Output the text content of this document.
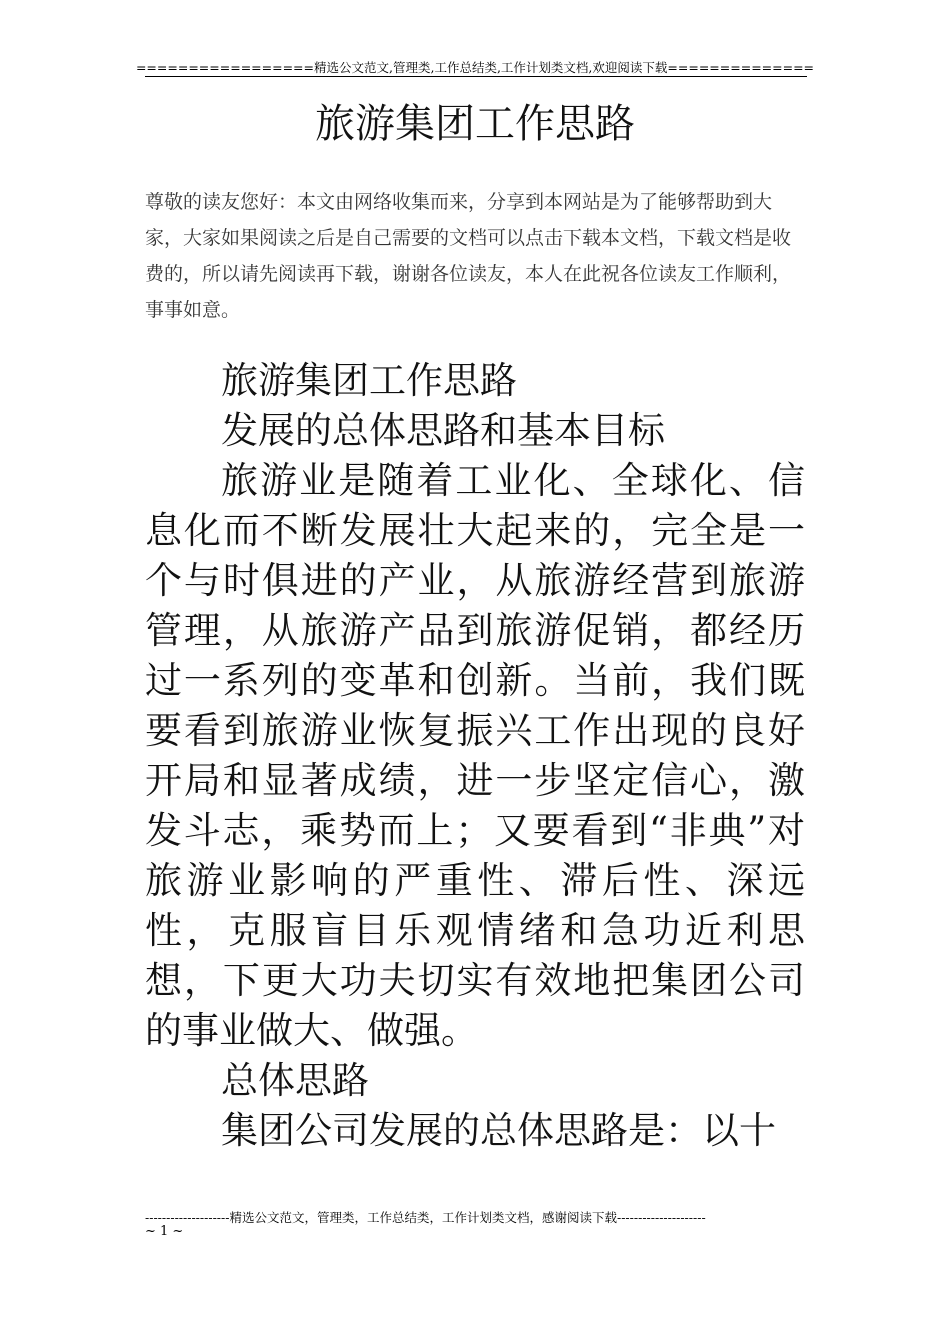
=================精选公文范文,管理类,工作总结类,工作计划类文档,欢迎阅读下载==============
旅游集团工作思路
尊敬的读友您好：本文由网络收集而来，分享到本网站是为了能够帮助到大家，大家如果阅读之后是自己需要的文档可以点击下载本文档，下载文档是收费的，所以请先阅读再下载，谢谢各位读友，本人在此祝各位读友工作顺利，事事如意。

旅游集团工作思路

发展的总体思路和基本目标

旅游业是随着工业化、全球化、信息化而不断发展壮大起来的，完全是一个与时俱进的产业，从旅游经营到旅游管理，从旅游产品到旅游促销，都经历过一系列的变革和创新。当前，我们既要看到旅游业恢复振兴工作出现的良好开局和显著成绩，进一步坚定信心，激发斗志，乘势而上；又要看到“非典”对旅游业影响的严重性、滞后性、深远性，克服盲目乐观情绪和急功近利思想，下更大功夫切实有效地把集团公司的事业做大、做强。

总体思路

集团公司发展的总体思路是：以十

--------------------精选公文范文，管理类，工作总结类，工作计划类文档，感谢阅读下载---------------------
~ 1 ~
